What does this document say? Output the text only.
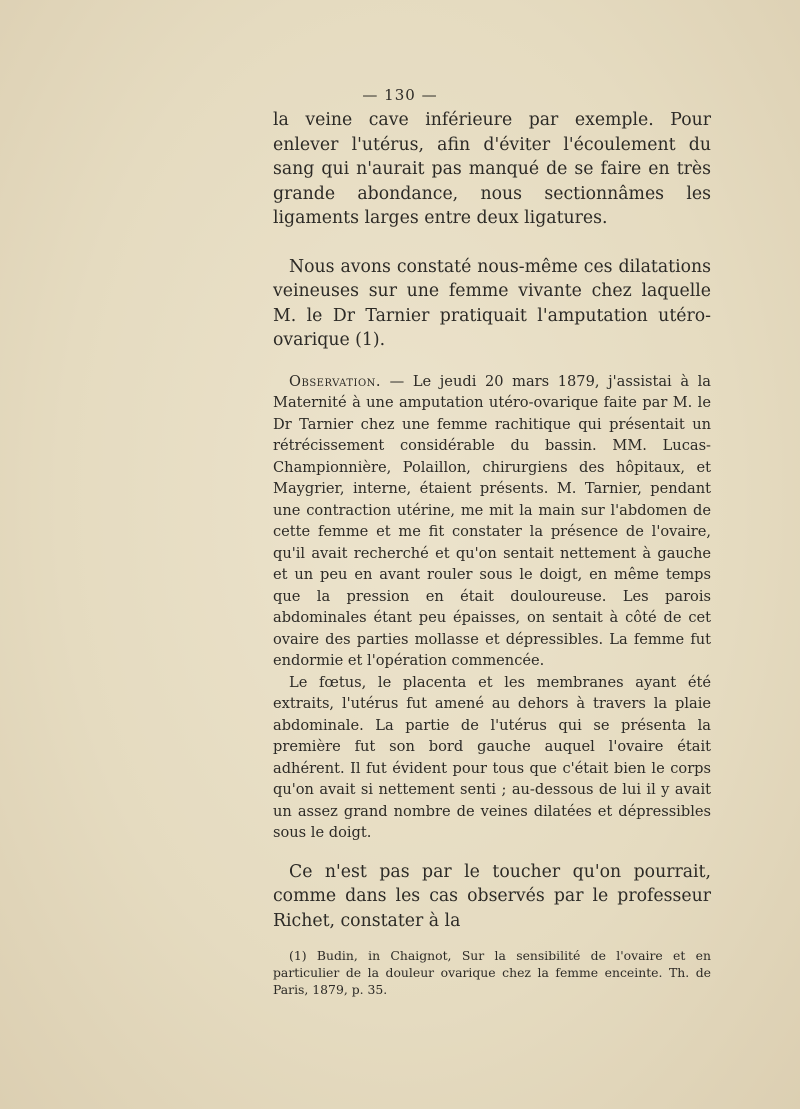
— 130 —

la veine cave inférieure par exemple. Pour enlever l'utérus, afin d'éviter l'écoulement du sang qui n'aurait pas manqué de se faire en très grande abondance, nous sectionnâmes les ligaments larges entre deux ligatures.

Nous avons constaté nous-même ces dilatations veineuses sur une femme vivante chez laquelle M. le Dr Tarnier pratiquait l'amputation utéro-ovarique (1).

Observation. — Le jeudi 20 mars 1879, j'assistai à la Maternité à une amputation utéro-ovarique faite par M. le Dr Tarnier chez une femme rachitique qui présentait un rétrécissement considérable du bassin. MM. Lucas-Championnière, Polaillon, chirurgiens des hôpitaux, et Maygrier, interne, étaient présents. M. Tarnier, pendant une contraction utérine, me mit la main sur l'abdomen de cette femme et me fit constater la présence de l'ovaire, qu'il avait recherché et qu'on sentait nettement à gauche et un peu en avant rouler sous le doigt, en même temps que la pression en était douloureuse. Les parois abdominales étant peu épaisses, on sentait à côté de cet ovaire des parties mollasse et dépressibles. La femme fut endormie et l'opération commencée.

Le fœtus, le placenta et les membranes ayant été extraits, l'utérus fut amené au dehors à travers la plaie abdominale. La partie de l'utérus qui se présenta la première fut son bord gauche auquel l'ovaire était adhérent. Il fut évident pour tous que c'était bien le corps qu'on avait si nettement senti ; au-dessous de lui il y avait un assez grand nombre de veines dilatées et dépressibles sous le doigt.

Ce n'est pas par le toucher qu'on pourrait, comme dans les cas observés par le professeur Richet, constater à la

(1) Budin, in Chaignot, Sur la sensibilité de l'ovaire et en particulier de la douleur ovarique chez la femme enceinte. Th. de Paris, 1879, p. 35.
